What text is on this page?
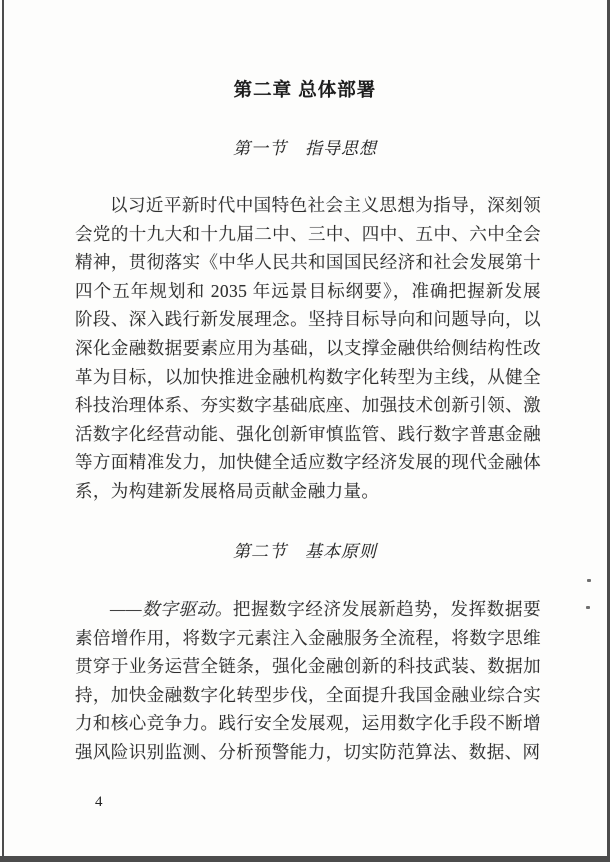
第二章 总体部署
第一节　指导思想

以习近平新时代中国特色社会主义思想为指导，深刻领会党的十九大和十九届二中、三中、四中、五中、六中全会精神，贯彻落实《中华人民共和国国民经济和社会发展第十四个五年规划和 2035 年远景目标纲要》，准确把握新发展阶段、深入践行新发展理念。坚持目标导向和问题导向，以深化金融数据要素应用为基础，以支撑金融供给侧结构性改革为目标，以加快推进金融机构数字化转型为主线，从健全科技治理体系、夯实数字基础底座、加强技术创新引领、激活数字化经营动能、强化创新审慎监管、践行数字普惠金融等方面精准发力，加快健全适应数字经济发展的现代金融体系，为构建新发展格局贡献金融力量。

第二节　基本原则

——数字驱动。把握数字经济发展新趋势，发挥数据要素倍增作用，将数字元素注入金融服务全流程，将数字思维贯穿于业务运营全链条，强化金融创新的科技武装、数据加持，加快金融数字化转型步伐，全面提升我国金融业综合实力和核心竞争力。践行安全发展观，运用数字化手段不断增强风险识别监测、分析预警能力，切实防范算法、数据、网

4
